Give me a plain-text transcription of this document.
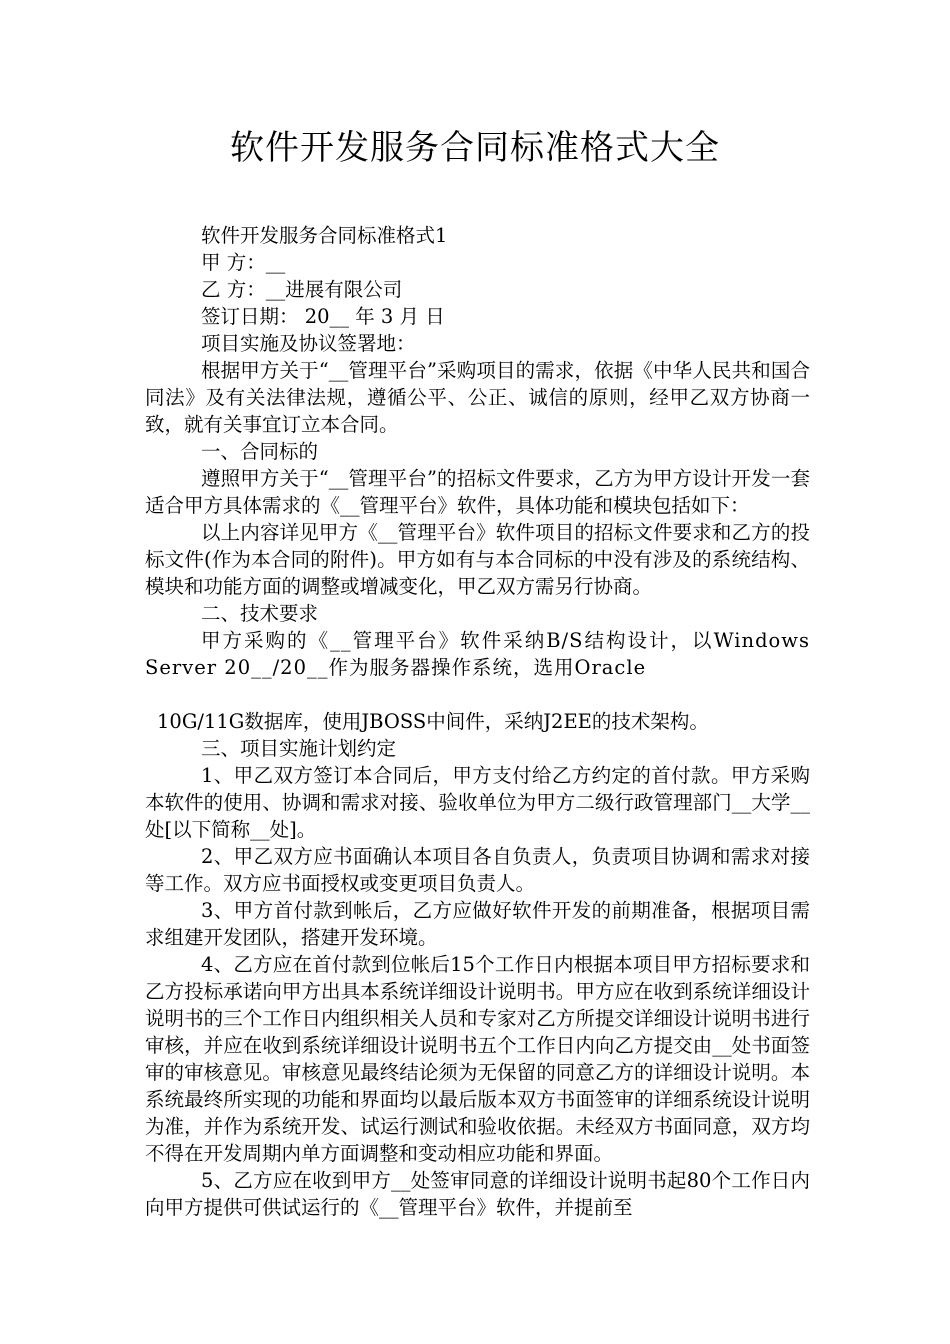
软件开发服务合同标准格式大全

软件开发服务合同标准格式1

甲 方：__

乙 方：__进展有限公司

签订日期： 20__ 年 3 月 日

项目实施及协议签署地：

根据甲方关于“__管理平台”采购项目的需求，依据《中华人民共和国合同法》及有关法律法规，遵循公平、公正、诚信的原则，经甲乙双方协商一致，就有关事宜订立本合同。

一、合同标的

遵照甲方关于“__管理平台”的招标文件要求，乙方为甲方设计开发一套适合甲方具体需求的《__管理平台》软件，具体功能和模块包括如下：

以上内容详见甲方《__管理平台》软件项目的招标文件要求和乙方的投标文件(作为本合同的附件)。甲方如有与本合同标的中没有涉及的系统结构、模块和功能方面的调整或增减变化，甲乙双方需另行协商。

二、技术要求

甲方采购的《__管理平台》软件采纳B/S结构设计，以Windows Server 20__/20__作为服务器操作系统，选用Oracle

10G/11G数据库，使用JBOSS中间件，采纳J2EE的技术架构。

三、项目实施计划约定

1、甲乙双方签订本合同后，甲方支付给乙方约定的首付款。甲方采购本软件的使用、协调和需求对接、验收单位为甲方二级行政管理部门__大学__处[以下简称__处]。

2、甲乙双方应书面确认本项目各自负责人，负责项目协调和需求对接等工作。双方应书面授权或变更项目负责人。

3、甲方首付款到帐后，乙方应做好软件开发的前期准备，根据项目需求组建开发团队，搭建开发环境。

4、乙方应在首付款到位帐后15个工作日内根据本项目甲方招标要求和乙方投标承诺向甲方出具本系统详细设计说明书。甲方应在收到系统详细设计说明书的三个工作日内组织相关人员和专家对乙方所提交详细设计说明书进行审核，并应在收到系统详细设计说明书五个工作日内向乙方提交由__处书面签审的审核意见。审核意见最终结论须为无保留的同意乙方的详细设计说明。本系统最终所实现的功能和界面均以最后版本双方书面签审的详细系统设计说明为准，并作为系统开发、试运行测试和验收依据。未经双方书面同意，双方均不得在开发周期内单方面调整和变动相应功能和界面。

5、乙方应在收到甲方__处签审同意的详细设计说明书起80个工作日内向甲方提供可供试运行的《__管理平台》软件，并提前至
